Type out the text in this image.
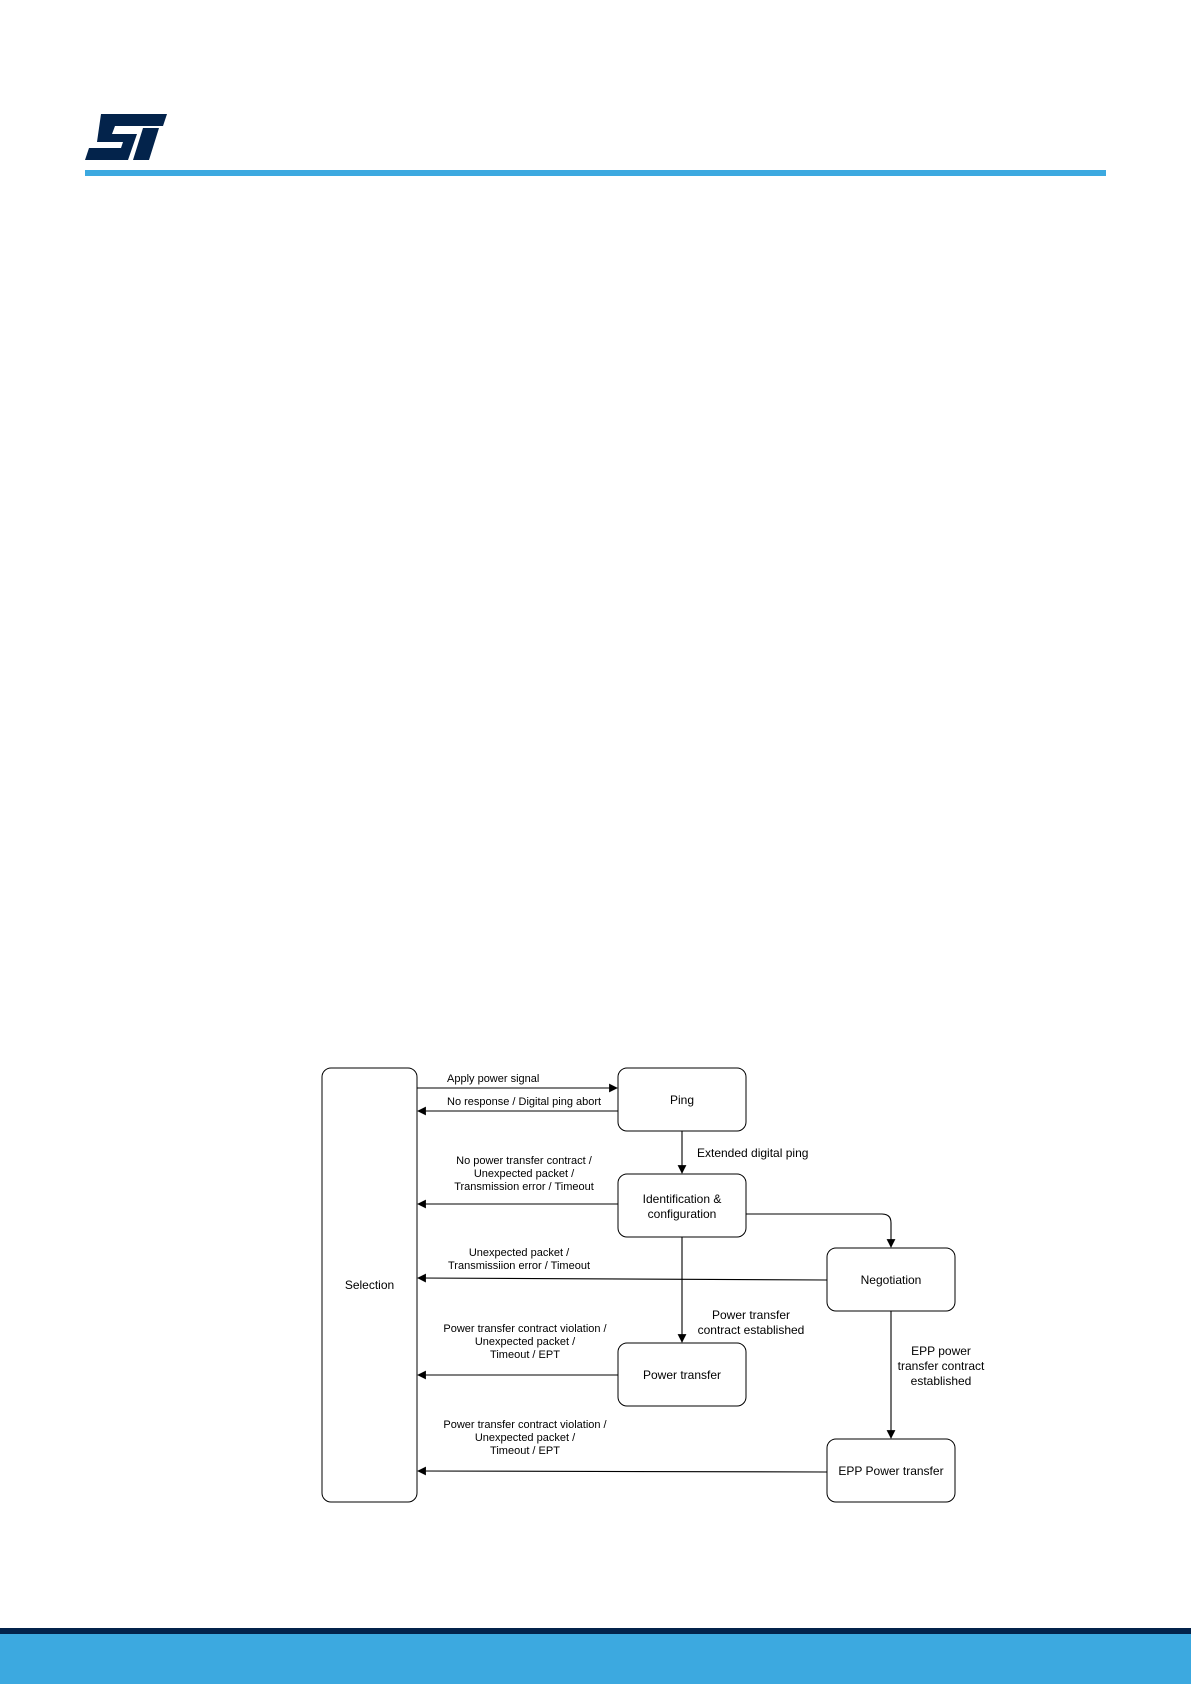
Selection
Ping
Identification &
configuration
Negotiation
Power transfer
EPP Power transfer
Apply power signal
No response / Digital ping abort
Extended digital ping
No power transfer contract /
Unexpected packet /
Transmission error / Timeout
Unexpected packet /
Transmissiion error / Timeout
Power transfer
contract established
Power transfer contract violation /
Unexpected packet /
Timeout / EPT	EPP power
transfer contract
established
Power transfer contract violation /
Unexpected packet /
Timeout / EPT
